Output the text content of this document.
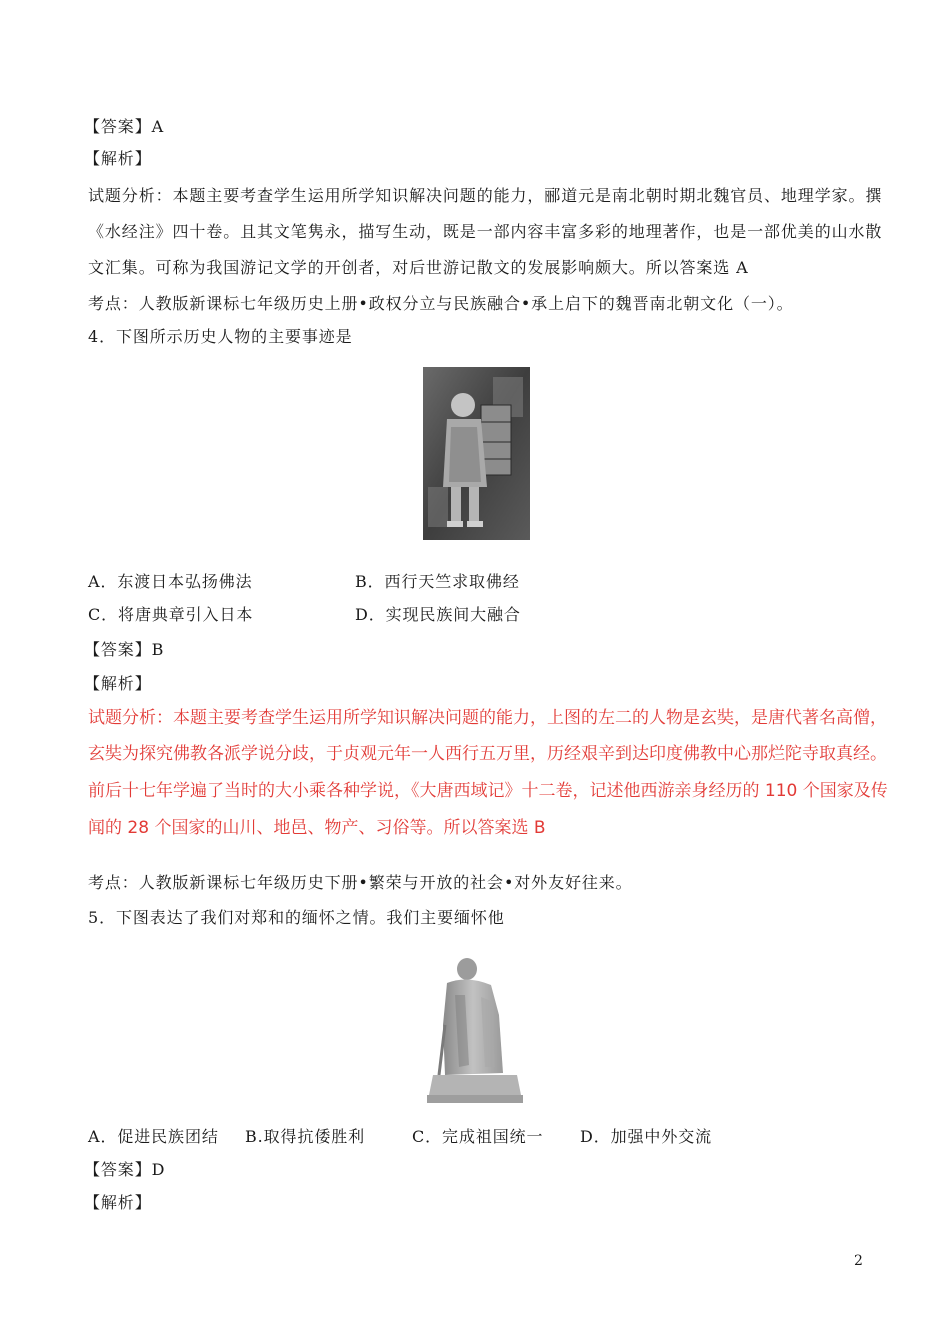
【答案】A
【解析】
试题分析：本题主要考查学生运用所学知识解决问题的能力，郦道元是南北朝时期北魏官员、地理学家。撰
《水经注》四十卷。且其文笔隽永，描写生动，既是一部内容丰富多彩的地理著作，也是一部优美的山水散
文汇集。可称为我国游记文学的开创者，对后世游记散文的发展影响颇大。所以答案选 A
考点：人教版新课标七年级历史上册•政权分立与民族融合•承上启下的魏晋南北朝文化（一）。
4．下图所示历史人物的主要事迹是
A．东渡日本弘扬佛法	B．西行天竺求取佛经
C．将唐典章引入日本	D．实现民族间大融合
【答案】B
【解析】
试题分析：本题主要考查学生运用所学知识解决问题的能力，上图的左二的人物是玄奘，是唐代著名高僧，
玄奘为探究佛教各派学说分歧，于贞观元年一人西行五万里，历经艰辛到达印度佛教中心那烂陀寺取真经。
前后十七年学遍了当时的大小乘各种学说，《大唐西域记》十二卷，记述他西游亲身经历的 110 个国家及传
闻的 28 个国家的山川、地邑、物产、习俗等。所以答案选 B
考点：人教版新课标七年级历史下册•繁荣与开放的社会•对外友好往来。
5．下图表达了我们对郑和的缅怀之情。我们主要缅怀他
A．促进民族团结 B.取得抗倭胜利	C．完成祖国统一 D．加强中外交流
【答案】D
【解析】
2
